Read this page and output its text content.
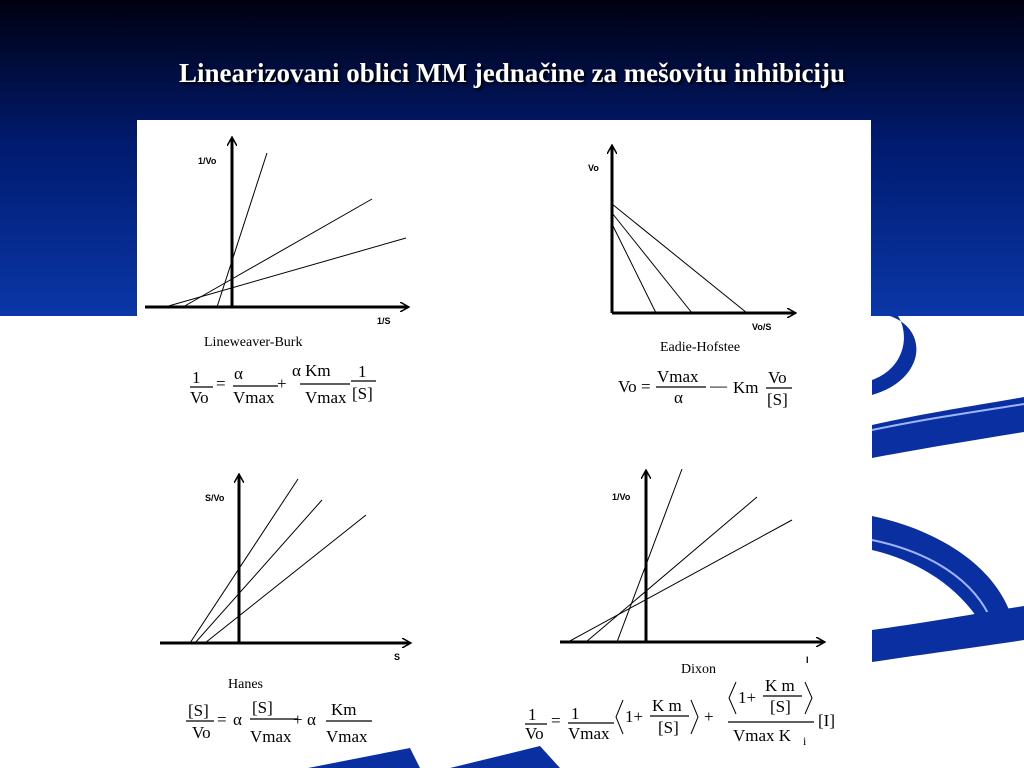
Linearizovani oblici MM jednačine za mešovitu inhibiciju
1/Vo
1/S
Lineweaver-Burk
1
Vo
=
α
Vmax
+
α Km
Vmax
1
[S]
Vo
Vo/S
Eadie-Hofstee
Vo =
Vmax
α
— Km
Vo
[S]
S/Vo
S
Hanes
[S]
Vo
= α
[S]
Vmax
+ α
Km
Vmax
1/Vo
I
Dixon
1
Vo
= 1
Vmax
1+
K m
[S]
+
1+
K m
[S]
Vmax K i
[I]
